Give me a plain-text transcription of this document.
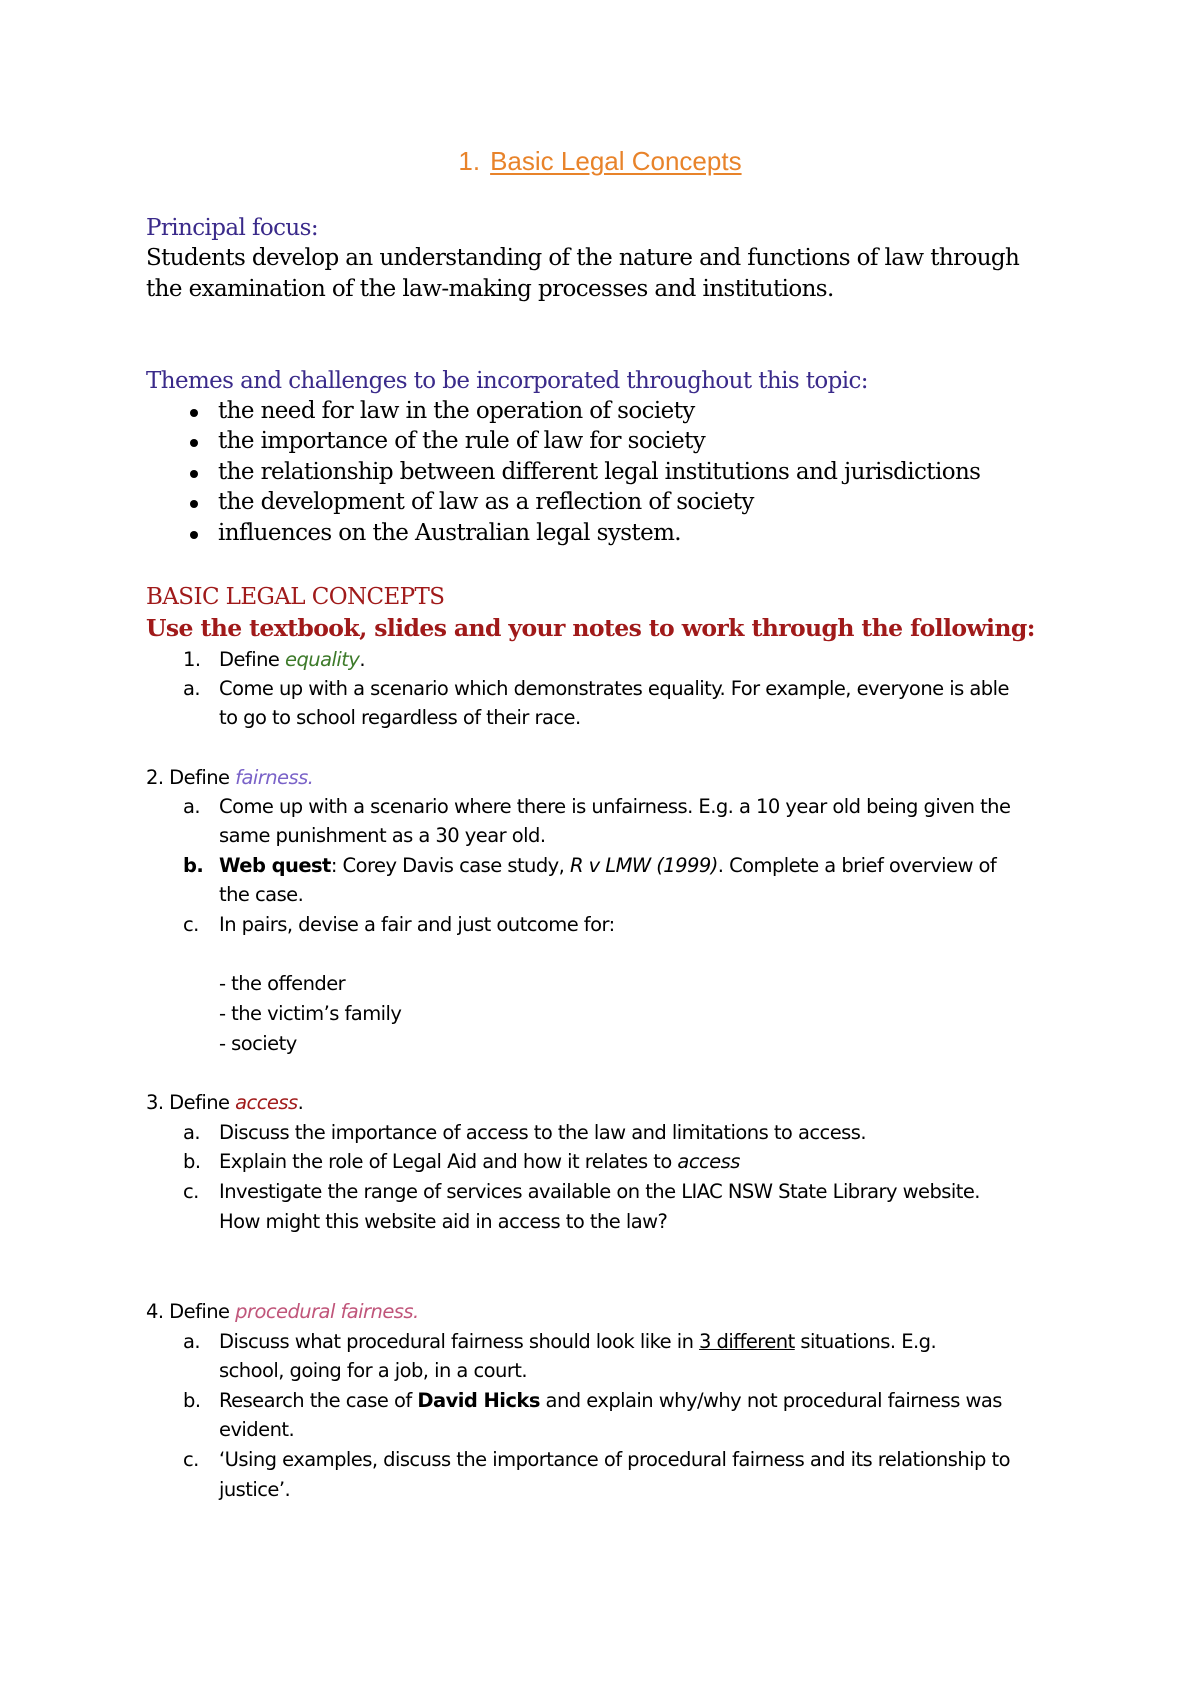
1. Basic Legal Concepts
Principal focus:
Students develop an understanding of the nature and functions of law through
the examination of the law-making processes and institutions.
Themes and challenges to be incorporated throughout this topic:
the need for law in the operation of society
the importance of the rule of law for society
the relationship between different legal institutions and jurisdictions
the development of law as a reflection of society
influences on the Australian legal system.
BASIC LEGAL CONCEPTS
Use the textbook, slides and your notes to work through the following:
1. Define equality.
a. Come up with a scenario which demonstrates equality. For example, everyone is able
to go to school regardless of their race.
2. Define fairness.
a. Come up with a scenario where there is unfairness. E.g. a 10 year old being given the
same punishment as a 30 year old.
b. Web quest: Corey Davis case study, R v LMW (1999). Complete a brief overview of
the case.
c. In pairs, devise a fair and just outcome for:
- the offender
- the victim’s family
- society
3. Define access.
a. Discuss the importance of access to the law and limitations to access.
b. Explain the role of Legal Aid and how it relates to access
c. Investigate the range of services available on the LIAC NSW State Library website.
How might this website aid in access to the law?
4. Define procedural fairness.
a. Discuss what procedural fairness should look like in 3 different situations. E.g.
school, going for a job, in a court.
b. Research the case of David Hicks and explain why/why not procedural fairness was
evident.
c. ‘Using examples, discuss the importance of procedural fairness and its relationship to
justice’.
